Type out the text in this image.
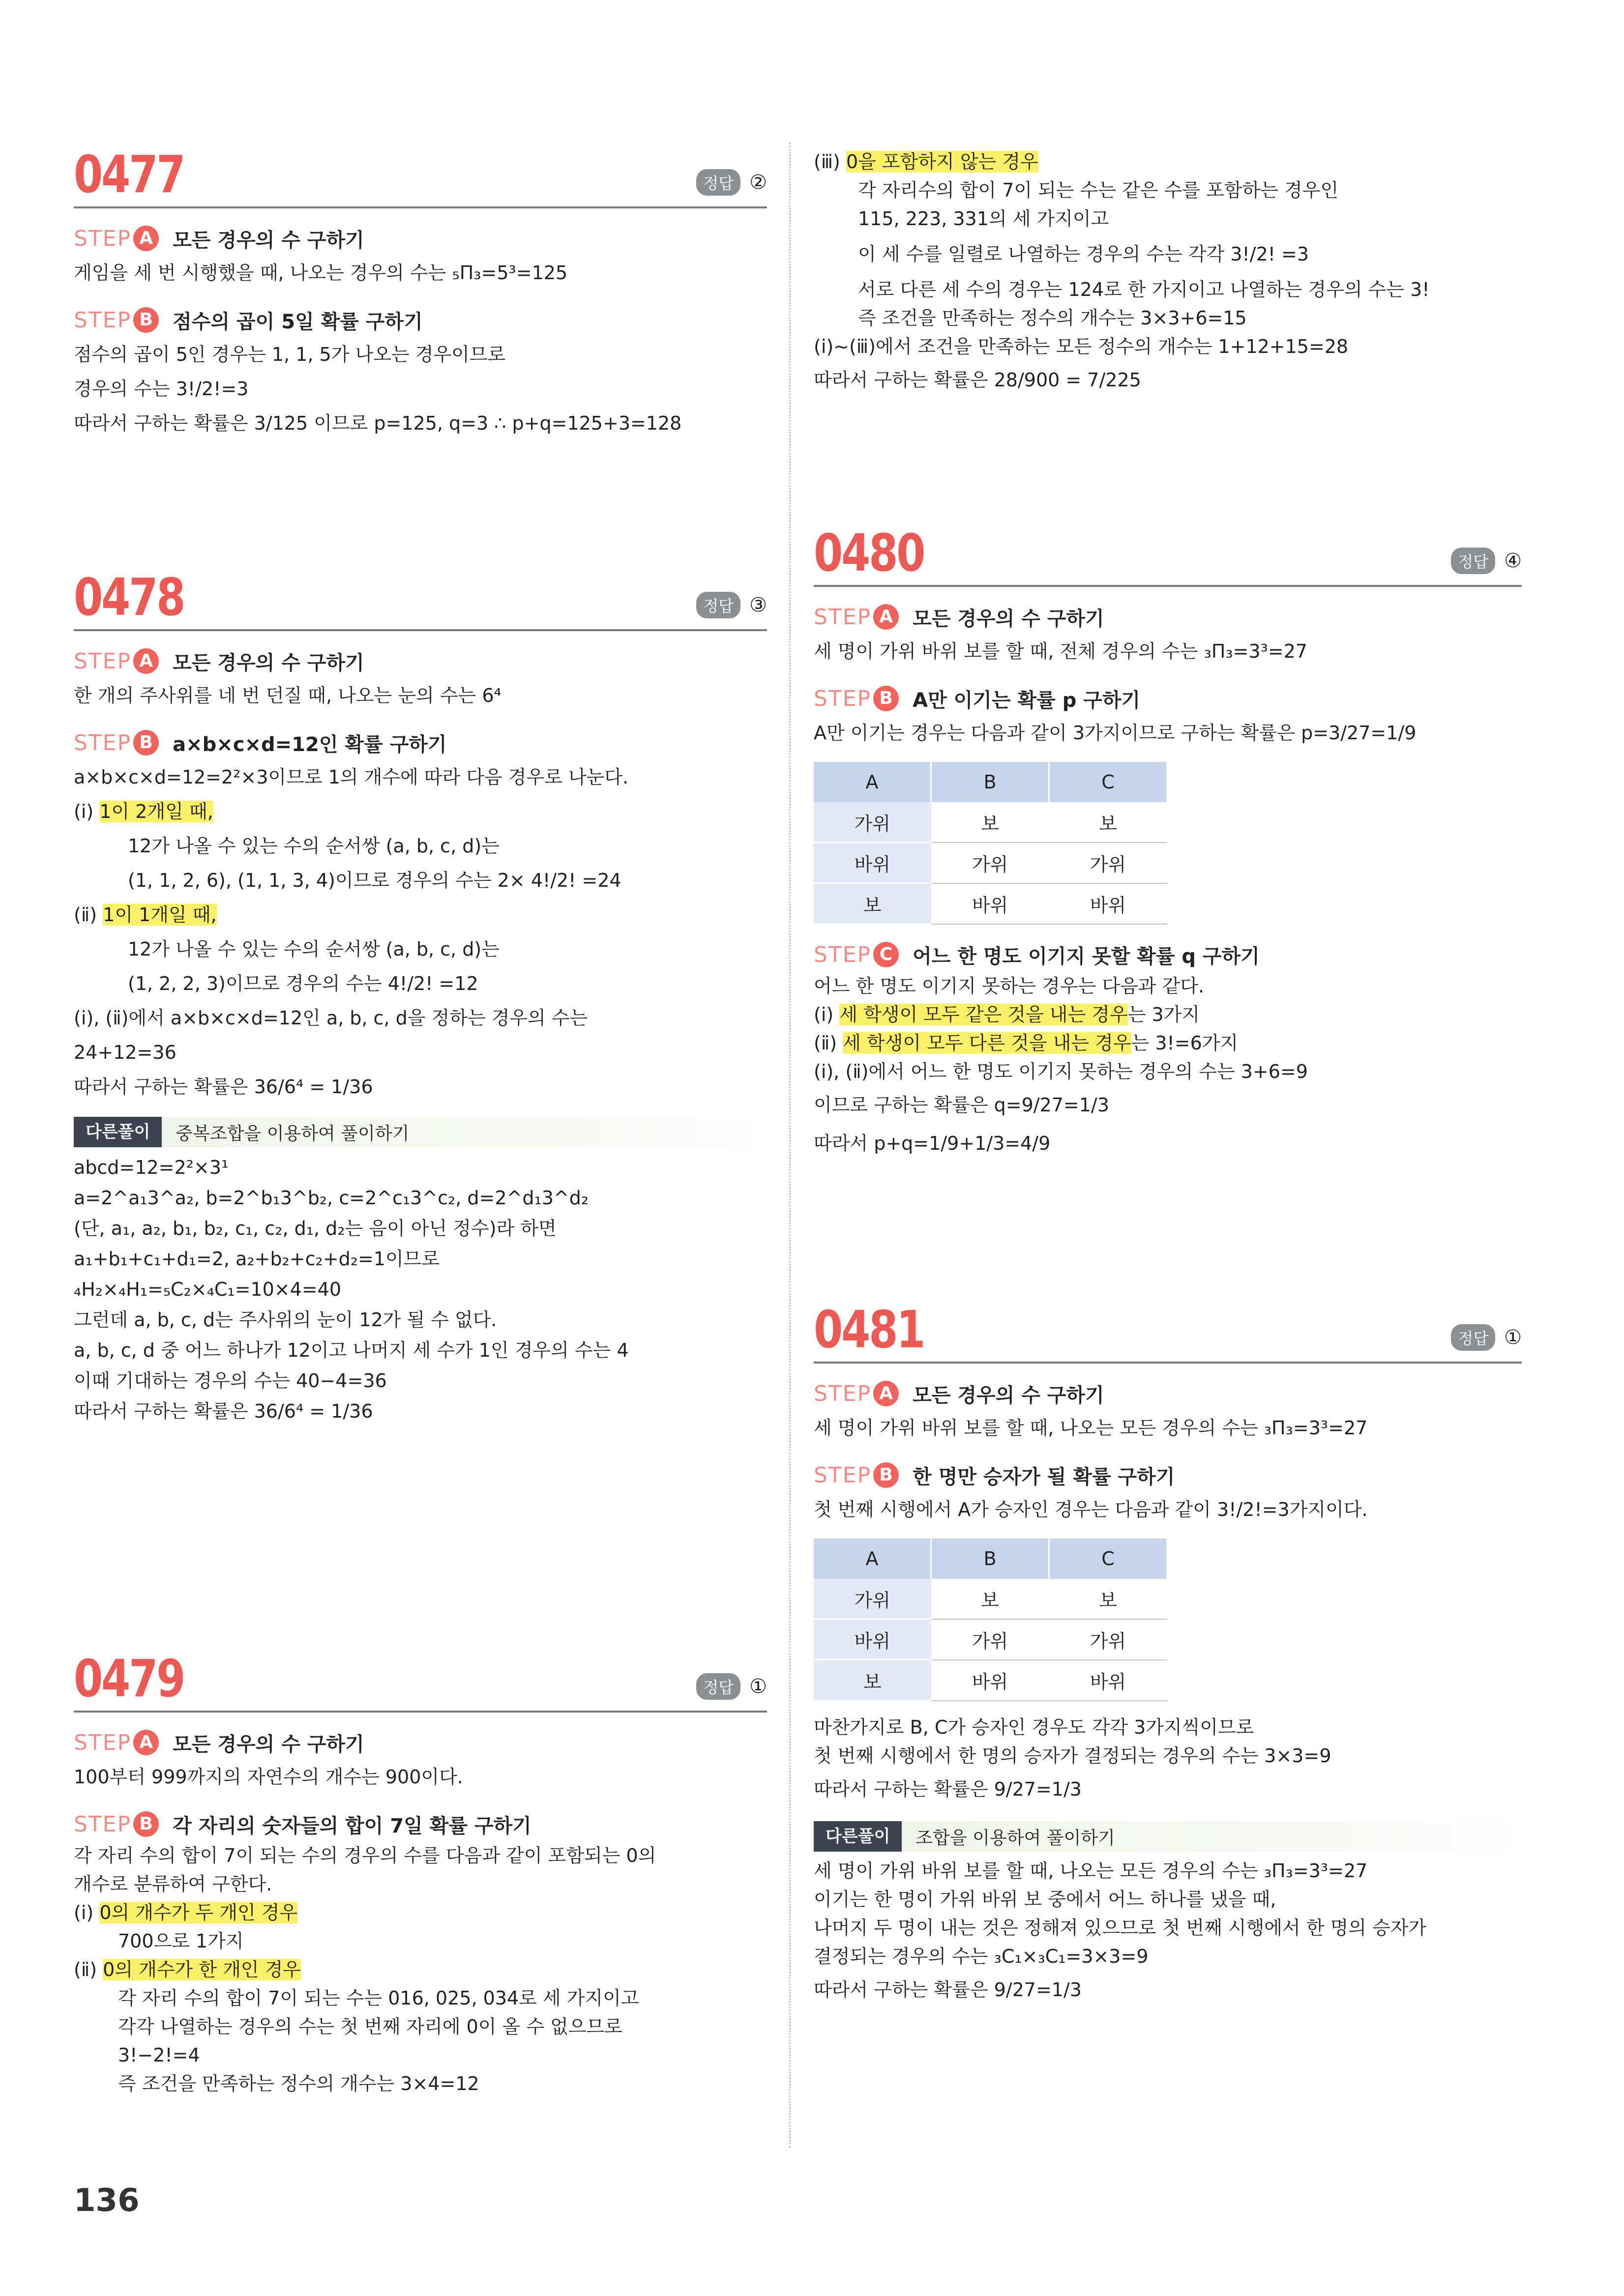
0477	정답 ②
STEP A	모든 경우의 수 구하기
게임을 세 번 시행했을 때, 나오는 경우의 수는 ₅Π₃=5³=125
STEP B	점수의 곱이 5일 확률 구하기
점수의 곱이 5인 경우는 1, 1, 5가 나오는 경우이므로
경우의 수는 3!/2!=3
따라서 구하는 확률은 3/125 이므로 p=125, q=3 ∴ p+q=125+3=128
0478	정답 ③
STEP A	모든 경우의 수 구하기
한 개의 주사위를 네 번 던질 때, 나오는 눈의 수는 6⁴
STEP B	a×b×c×d=12인 확률 구하기
a×b×c×d=12=2²×3이므로 1의 개수에 따라 다음 경우로 나눈다.
(ⅰ) 1이 2개일 때,
12가 나올 수 있는 수의 순서쌍 (a, b, c, d)는
(1, 1, 2, 6), (1, 1, 3, 4)이므로 경우의 수는 2× 4!/2! =24
(ⅱ) 1이 1개일 때,
12가 나올 수 있는 수의 순서쌍 (a, b, c, d)는
(1, 2, 2, 3)이므로 경우의 수는 4!/2! =12
(ⅰ), (ⅱ)에서 a×b×c×d=12인 a, b, c, d을 정하는 경우의 수는
24+12=36
따라서 구하는 확률은 36/6⁴ = 1/36
다른풀이	중복조합을 이용하여 풀이하기
abcd=12=2²×3¹
a=2^a₁3^a₂, b=2^b₁3^b₂, c=2^c₁3^c₂, d=2^d₁3^d₂
(단, a₁, a₂, b₁, b₂, c₁, c₂, d₁, d₂는 음이 아닌 정수)라 하면
a₁+b₁+c₁+d₁=2, a₂+b₂+c₂+d₂=1이므로
₄H₂×₄H₁=₅C₂×₄C₁=10×4=40
그런데 a, b, c, d는 주사위의 눈이 12가 될 수 없다.
a, b, c, d 중 어느 하나가 12이고 나머지 세 수가 1인 경우의 수는 4
이때 기대하는 경우의 수는 40−4=36
따라서 구하는 확률은 36/6⁴ = 1/36
0479	정답 ①
STEP A	모든 경우의 수 구하기
100부터 999까지의 자연수의 개수는 900이다.
STEP B	각 자리의 숫자들의 합이 7일 확률 구하기
각 자리 수의 합이 7이 되는 수의 경우의 수를 다음과 같이 포함되는 0의
개수로 분류하여 구한다.
(ⅰ) 0의 개수가 두 개인 경우
700으로 1가지
(ⅱ) 0의 개수가 한 개인 경우
각 자리 수의 합이 7이 되는 수는 016, 025, 034로 세 가지이고
각각 나열하는 경우의 수는 첫 번째 자리에 0이 올 수 없으므로
3!−2!=4
즉 조건을 만족하는 정수의 개수는 3×4=12
136
(ⅲ) 0을 포함하지 않는 경우
각 자리수의 합이 7이 되는 수는 같은 수를 포함하는 경우인
115, 223, 331의 세 가지이고
이 세 수를 일렬로 나열하는 경우의 수는 각각 3!/2! =3
서로 다른 세 수의 경우는 124로 한 가지이고 나열하는 경우의 수는 3!
즉 조건을 만족하는 정수의 개수는 3×3+6=15
(ⅰ)~(ⅲ)에서 조건을 만족하는 모든 정수의 개수는 1+12+15=28
따라서 구하는 확률은 28/900 = 7/225
0480	정답 ④
STEP A	모든 경우의 수 구하기
세 명이 가위 바위 보를 할 때, 전체 경우의 수는 ₃Π₃=3³=27
STEP B	A만 이기는 확률 p 구하기
A만 이기는 경우는 다음과 같이 3가지이므로 구하는 확률은 p=3/27=1/9
A	B	C
가위	보	보
바위	가위	가위
보	바위	바위
STEP C	어느 한 명도 이기지 못할 확률 q 구하기
어느 한 명도 이기지 못하는 경우는 다음과 같다.
(ⅰ) 세 학생이 모두 같은 것을 내는 경우는 3가지
(ⅱ) 세 학생이 모두 다른 것을 내는 경우는 3!=6가지
(ⅰ), (ⅱ)에서 어느 한 명도 이기지 못하는 경우의 수는 3+6=9
이므로 구하는 확률은 q=9/27=1/3
따라서 p+q=1/9+1/3=4/9
0481	정답 ①
STEP A	모든 경우의 수 구하기
세 명이 가위 바위 보를 할 때, 나오는 모든 경우의 수는 ₃Π₃=3³=27
STEP B	한 명만 승자가 될 확률 구하기
첫 번째 시행에서 A가 승자인 경우는 다음과 같이 3!/2!=3가지이다.
A	B	C
가위	보	보
바위	가위	가위
보	바위	바위
마찬가지로 B, C가 승자인 경우도 각각 3가지씩이므로
첫 번째 시행에서 한 명의 승자가 결정되는 경우의 수는 3×3=9
따라서 구하는 확률은 9/27=1/3
다른풀이	조합을 이용하여 풀이하기
세 명이 가위 바위 보를 할 때, 나오는 모든 경우의 수는 ₃Π₃=3³=27
이기는 한 명이 가위 바위 보 중에서 어느 하나를 냈을 때,
나머지 두 명이 내는 것은 정해져 있으므로 첫 번째 시행에서 한 명의 승자가
결정되는 경우의 수는 ₃C₁×₃C₁=3×3=9
따라서 구하는 확률은 9/27=1/3
